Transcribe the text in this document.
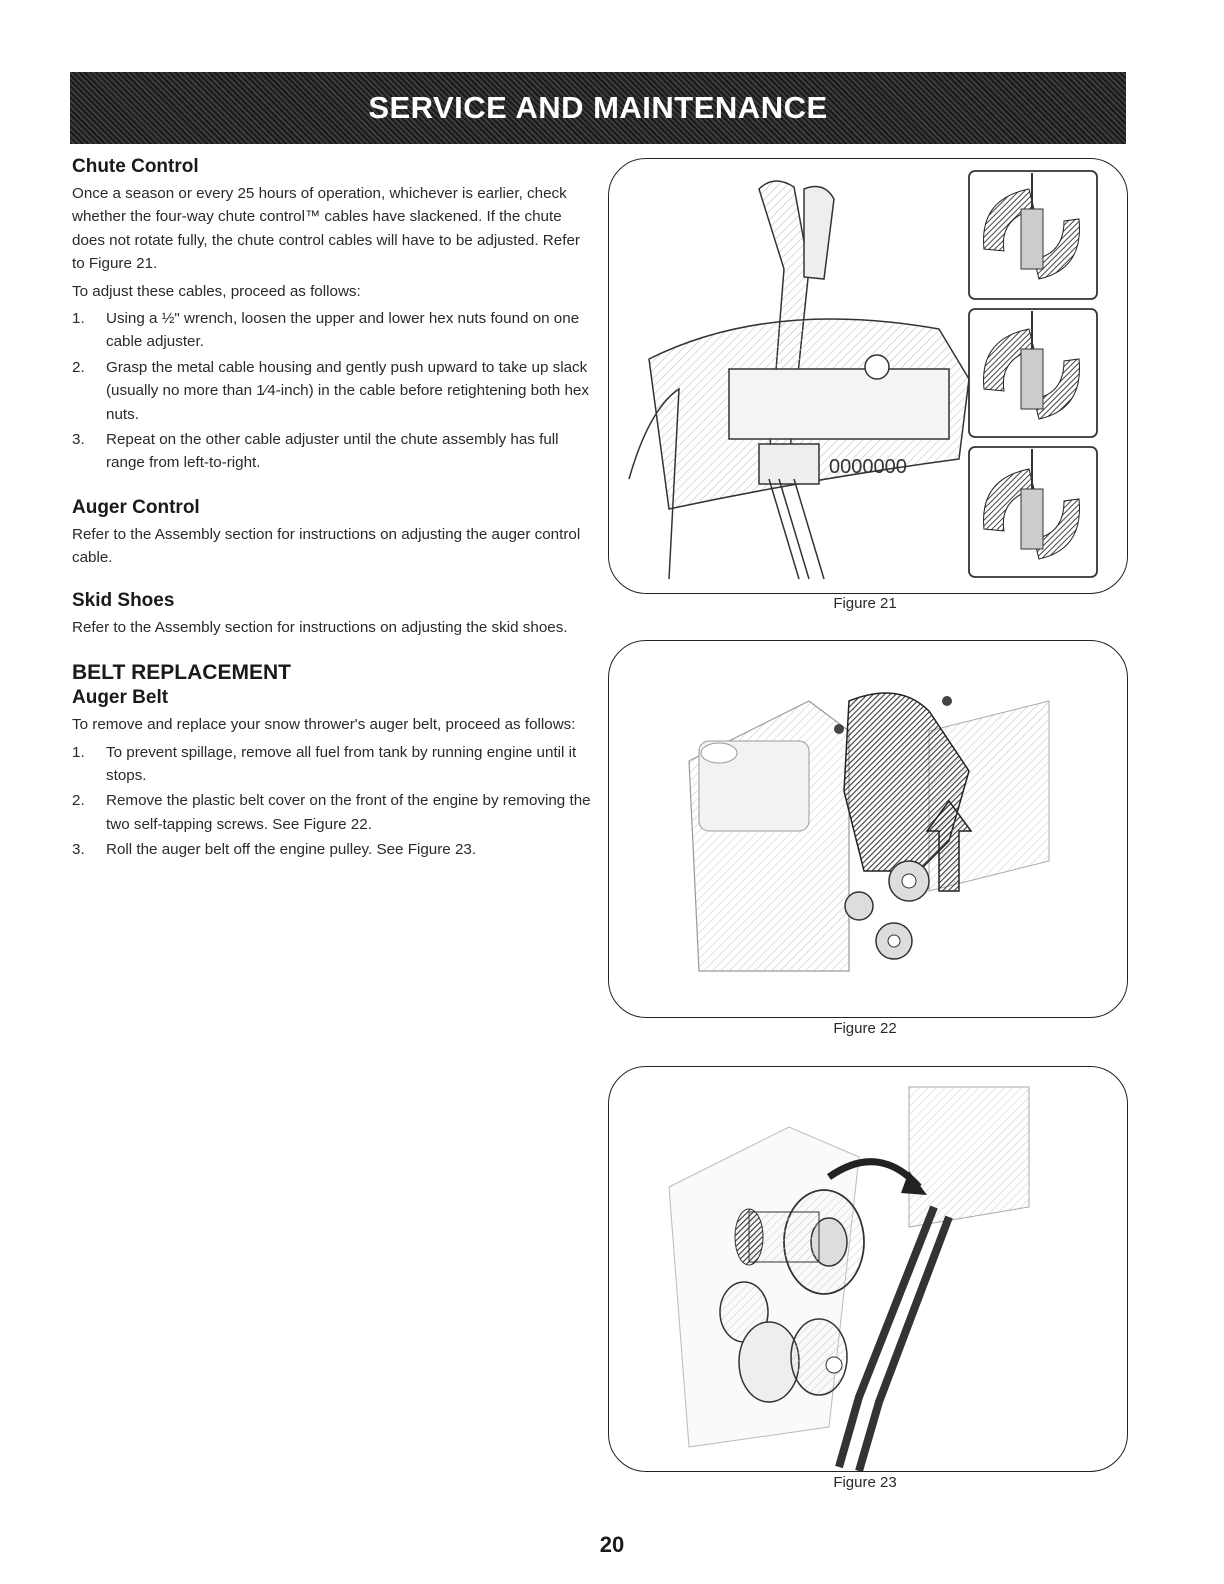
SERVICE AND MAINTENANCE
Chute Control

Once a season or every 25 hours of operation, whichever is earlier, check whether the four-way chute control™ cables have slackened. If the chute does not rotate fully, the chute control cables will have to be adjusted. Refer to Figure 21.

To adjust these cables, proceed as follows:

1. Using a ½" wrench, loosen the upper and lower hex nuts found on one cable adjuster.
2. Grasp the metal cable housing and gently push upward to take up slack (usually no more than 1⁄4-inch) in the cable before retightening both hex nuts.
3. Repeat on the other cable adjuster until the chute assembly has full range from left-to-right.
Auger Control

Refer to the Assembly section for instructions on adjusting the auger control cable.

Skid Shoes

Refer to the Assembly section for instructions on adjusting the skid shoes.

BELT REPLACEMENT
Auger Belt

To remove and replace your snow thrower's auger belt, proceed as follows:

1. To prevent spillage, remove all fuel from tank by running engine until it stops.
2. Remove the plastic belt cover on the front of the engine by removing the two self-tapping screws. See Figure 22.
3. Roll the auger belt off the engine pulley. See Figure 23.
0000000
Figure 21
Figure 22
Figure 23
20
